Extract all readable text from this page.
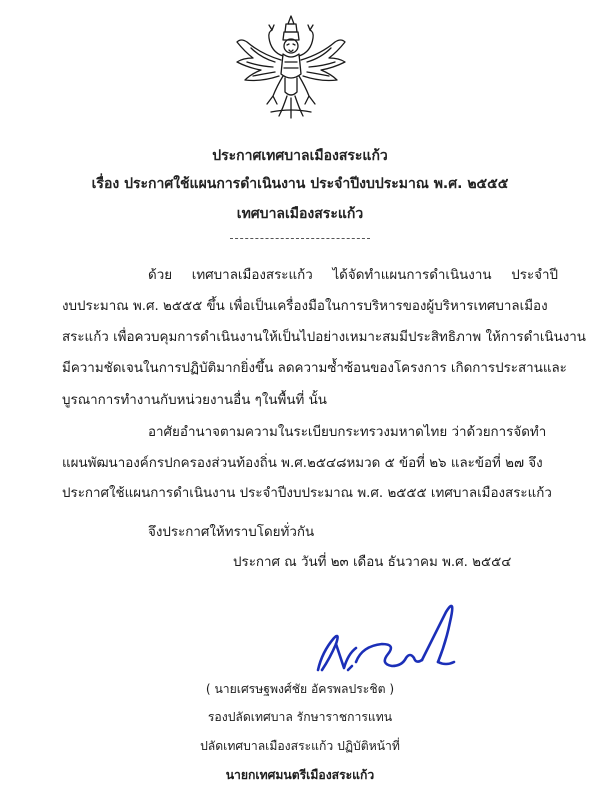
ประกาศเทศบาลเมืองสระแก้ว
เรื่อง ประกาศใช้แผนการดำเนินงาน ประจำปีงบประมาณ พ.ศ. ๒๕๕๕
เทศบาลเมืองสระแก้ว
ด้วย เทศบาลเมืองสระแก้ว ได้จัดทำแผนการดำเนินงาน ประจำปี
งบประมาณ พ.ศ. ๒๕๕๕ ขึ้น เพื่อเป็นเครื่องมือในการบริหารของผู้บริหารเทศบาลเมือง
สระแก้ว เพื่อควบคุมการดำเนินงานให้เป็นไปอย่างเหมาะสมมีประสิทธิภาพ ให้การดำเนินงาน
มีความชัดเจนในการปฏิบัติมากยิ่งขึ้น ลดความซ้ำซ้อนของโครงการ เกิดการประสานและ
บูรณาการทำงานกับหน่วยงานอื่น ๆในพื้นที่ นั้น
อาศัยอำนาจตามความในระเบียบกระทรวงมหาดไทย ว่าด้วยการจัดทำ
แผนพัฒนาองค์กรปกครองส่วนท้องถิ่น พ.ศ.๒๕๔๘หมวด ๕ ข้อที่ ๒๖ และข้อที่ ๒๗ จึง
ประกาศใช้แผนการดำเนินงาน ประจำปีงบประมาณ พ.ศ. ๒๕๕๕ เทศบาลเมืองสระแก้ว
จึงประกาศให้ทราบโดยทั่วกัน
ประกาศ ณ วันที่ ๒๓ เดือน ธันวาคม พ.ศ. ๒๕๕๔
( นายเศรษฐพงศ์ชัย อัครพลประชิต )
รองปลัดเทศบาล รักษาราชการแทน
ปลัดเทศบาลเมืองสระแก้ว ปฏิบัติหน้าที่
นายกเทศมนตรีเมืองสระแก้ว
